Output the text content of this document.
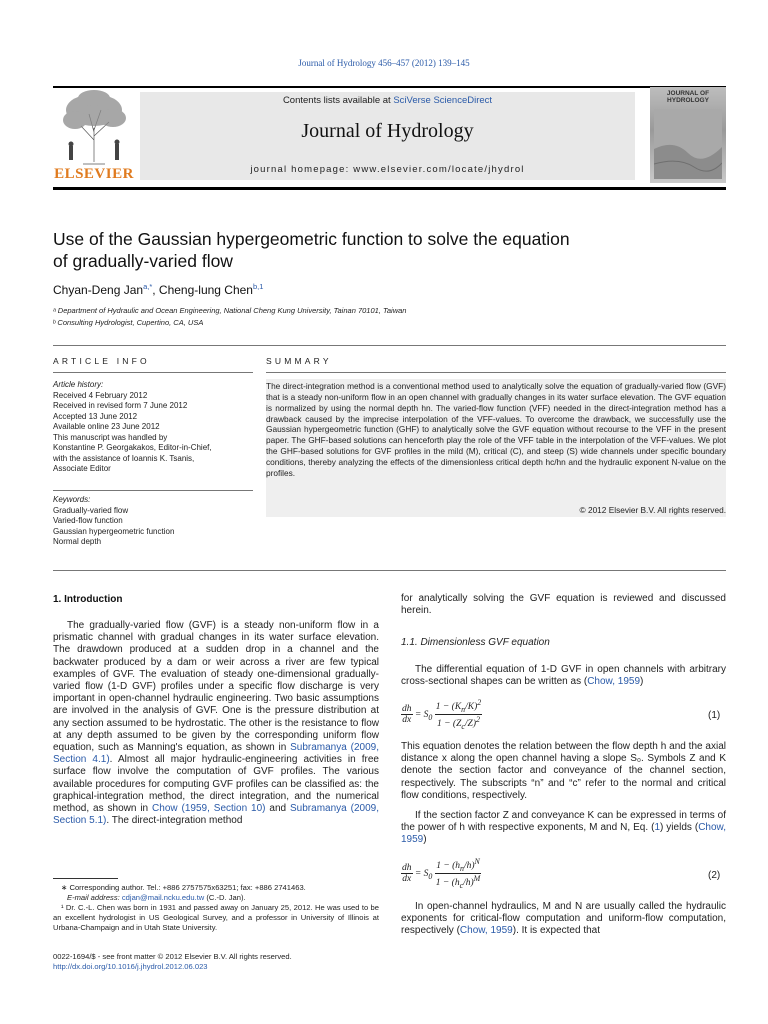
Journal of Hydrology 456–457 (2012) 139–145
ELSEVIER
Contents lists available at SciVerse ScienceDirect
Journal of Hydrology
journal homepage: www.elsevier.com/locate/jhydrol
JOURNAL OF HYDROLOGY
Use of the Gaussian hypergeometric function to solve the equation
of gradually-varied flow
Chyan-Deng Jan$^{a,*}$, Cheng-lung Chen$^{b,1}$
ᵃ Department of Hydraulic and Ocean Engineering, National Cheng Kung University, Tainan 70101, Taiwan
ᵇ Consulting Hydrologist, Cupertino, CA, USA
ARTICLE INFO	SUMMARY
Article history:
Received 4 February 2012
Received in revised form 7 June 2012
Accepted 13 June 2012
Available online 23 June 2012
This manuscript was handled by
Konstantine P. Georgakakos, Editor-in-Chief,
with the assistance of Ioannis K. Tsanis,
Associate Editor
Keywords:
Gradually-varied flow
Varied-flow function
Gaussian hypergeometric function
Normal depth
The direct-integration method is a conventional method used to analytically solve the equation of gradually-varied flow (GVF) that is a steady non-uniform flow in an open channel with gradually changes in its water surface elevation. The GVF equation is normalized by using the normal depth hn. The varied-flow function (VFF) needed in the direct-integration method has a drawback caused by the imprecise interpolation of the VFF-values. To overcome the drawback, we successfully use the Gaussian hypergeometric function (GHF) to analytically solve the GVF equation without recourse to the VFF in the present paper. The GHF-based solutions can henceforth play the role of the VFF table in the interpolation of the VFF-values. We plot the GHF-based solutions for GVF profiles in the mild (M), critical (C), and steep (S) wide channels under specific boundary conditions, thereby analyzing the effects of the dimensionless critical depth hc/hn and the hydraulic exponent N-value on the profiles.
© 2012 Elsevier B.V. All rights reserved.
1. Introduction
The gradually-varied flow (GVF) is a steady non-uniform flow in a prismatic channel with gradual changes in its water surface elevation. The drawdown produced at a sudden drop in a channel and the backwater produced by a dam or weir across a river are few typical examples of GVF. The evaluation of steady one-dimensional gradually-varied flow (1-D GVF) profiles under a specific flow discharge is very important in open-channel hydraulic engineering. Two basic assumptions are involved in the analysis of GVF. One is the pressure distribution at any section assumed to be hydrostatic. The other is the resistance to flow at any depth assumed to be given by the corresponding uniform flow equation, such as Manning's equation, as shown in Subramanya (2009, Section 4.1). Almost all major hydraulic-engineering activities in free surface flow involve the computation of GVF profiles. The various available procedures for computing GVF profiles can be classified as: the graphical-integration method, the direct integration, and the numerical method, as shown in Chow (1959, Section 10) and Subramanya (2009, Section 5.1). The direct-integration method
∗ Corresponding author. Tel.: +886 2757575x63251; fax: +886 2741463.
E-mail address: cdjan@mail.ncku.edu.tw (C.-D. Jan).
¹ Dr. C.-L. Chen was born in 1931 and passed away on January 25, 2012. He was used to be an excellent hydrologist in US Geological Survey, and a professor in University of Illinois at Urbana-Champaign and in Utah State University.
0022-1694/$ - see front matter © 2012 Elsevier B.V. All rights reserved.
http://dx.doi.org/10.1016/j.jhydrol.2012.06.023
for analytically solving the GVF equation is reviewed and discussed herein.
1.1. Dimensionless GVF equation
The differential equation of 1-D GVF in open channels with arbitrary cross-sectional shapes can be written as (Chow, 1959)
$\frac{dh}{dx} = S_0 \frac{1 - (K_n/K)^2}{1 - (Z_c/Z)^2}$	(1)
This equation denotes the relation between the flow depth h and the axial distance x along the open channel having a slope S₀. Symbols Z and K denote the section factor and conveyance of the channel section, respectively. The subscripts “n” and “c” refer to the normal and critical flow conditions, respectively.
If the section factor Z and conveyance K can be expressed in terms of the power of h with respective exponents, M and N, Eq. (1) yields (Chow, 1959)
$\frac{dh}{dx} = S_0 \frac{1 - (h_n/h)^N}{1 - (h_c/h)^M}$	(2)
In open-channel hydraulics, M and N are usually called the hydraulic exponents for critical-flow computation and uniform-flow computation, respectively (Chow, 1959). It is expected that
